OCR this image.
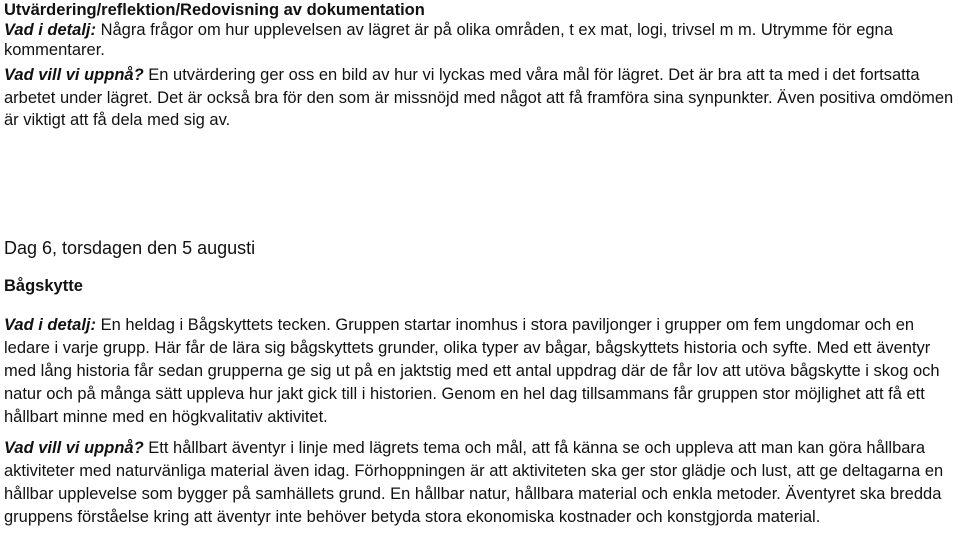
Utvärdering/reflektion/Redovisning av dokumentation
Vad i detalj: Några frågor om hur upplevelsen av lägret är på olika områden, t ex mat, logi, trivsel m m. Utrymme för egna kommentarer.
Vad vill vi uppnå? En utvärdering ger oss en bild av hur vi lyckas med våra mål för lägret. Det är bra att ta med i det fortsatta arbetet under lägret. Det är också bra för den som är missnöjd med något att få framföra sina synpunkter. Även positiva omdömen är viktigt att få dela med sig av.
Dag 6, torsdagen den 5 augusti
Bågskytte
Vad i detalj: En heldag i Bågskyttets tecken. Gruppen startar inomhus i stora paviljonger i grupper om fem ungdomar och en ledare i varje grupp. Här får de lära sig bågskyttets grunder, olika typer av bågar, bågskyttets historia och syfte. Med ett äventyr med lång historia får sedan grupperna ge sig ut på en jaktstig med ett antal uppdrag där de får lov att utöva bågskytte i skog och natur och på många sätt uppleva hur jakt gick till i historien. Genom en hel dag tillsammans får gruppen stor möjlighet att få ett hållbart minne med en högkvalitativ aktivitet.
Vad vill vi uppnå? Ett hållbart äventyr i linje med lägrets tema och mål, att få känna se och uppleva att man kan göra hållbara aktiviteter med naturvänliga material även idag. Förhoppningen är att aktiviteten ska ger stor glädje och lust, att ge deltagarna en hållbar upplevelse som bygger på samhällets grund. En hållbar natur, hållbara material och enkla metoder. Äventyret ska bredda gruppens förståelse kring att äventyr inte behöver betyda stora ekonomiska kostnader och konstgjorda material.
